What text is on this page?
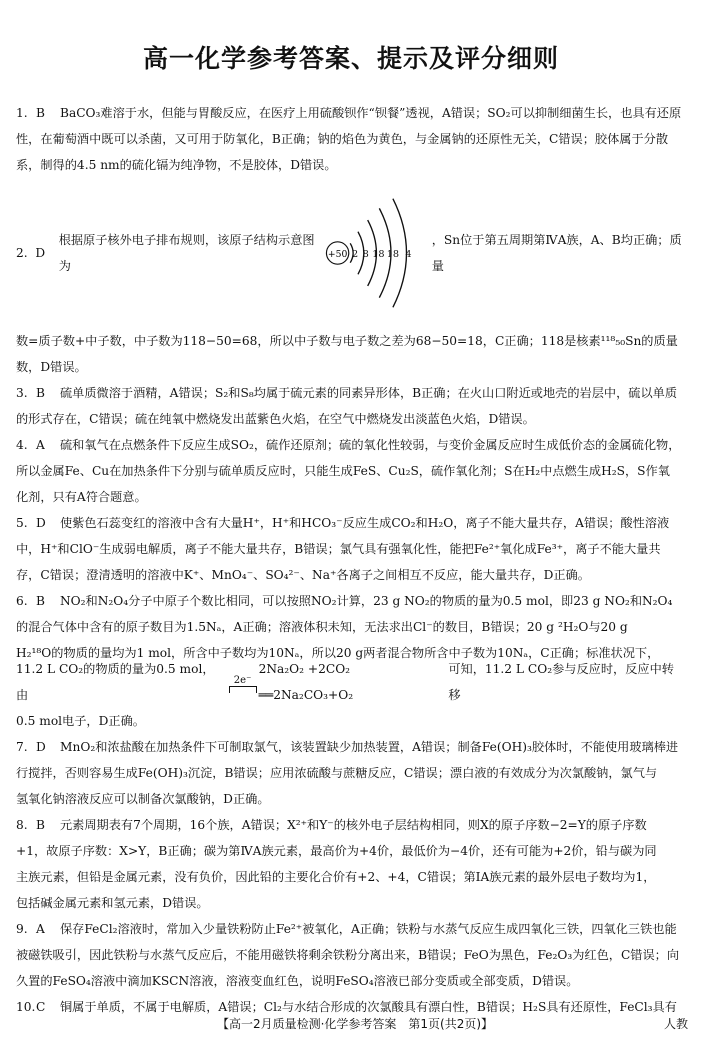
高一化学参考答案、提示及评分细则

1. B BaCO₃难溶于水，但能与胃酸反应，在医疗上用硫酸钡作“钡餐”透视，A错误；SO₂可以抑制细菌生长，也具有还原

性，在葡萄酒中既可以杀菌，又可用于防氧化，B正确；钠的焰色为黄色，与金属钠的还原性无关，C错误；胶体属于分散

系，制得的4.5 nm的硫化镉为纯净物，不是胶体，D错误。

2. D
根据原子核外电子排布规则，该原子结构示意图为
+50 2 8 18 18 4
，Sn位于第五周期第ⅣA族，A、B均正确；质量

数=质子数+中子数，中子数为118−50=68，所以中子数与电子数之差为68−50=18，C正确；118是核素¹¹⁸₅₀Sn的质量

数，D错误。

3. B 硫单质微溶于酒精，A错误；S₂和S₈均属于硫元素的同素异形体，B正确；在火山口附近或地壳的岩层中，硫以单质

的形式存在，C错误；硫在纯氧中燃烧发出蓝紫色火焰，在空气中燃烧发出淡蓝色火焰，D错误。

4. A 硫和氧气在点燃条件下反应生成SO₂，硫作还原剂；硫的氧化性较弱，与变价金属反应时生成低价态的金属硫化物，

所以金属Fe、Cu在加热条件下分别与硫单质反应时，只能生成FeS、Cu₂S，硫作氧化剂；S在H₂中点燃生成H₂S，S作氧

化剂，只有A符合题意。

5. D 使紫色石蕊变红的溶液中含有大量H⁺，H⁺和HCO₃⁻反应生成CO₂和H₂O，离子不能大量共存，A错误；酸性溶液

中，H⁺和ClO⁻生成弱电解质，离子不能大量共存，B错误；氯气具有强氧化性，能把Fe²⁺氧化成Fe³⁺，离子不能大量共

存，C错误；澄清透明的溶液中K⁺、MnO₄⁻、SO₄²⁻、Na⁺各离子之间相互不反应，能大量共存，D正确。

6. B NO₂和N₂O₄分子中原子个数比相同，可以按照NO₂计算，23 g NO₂的物质的量为0.5 mol，即23 g NO₂和N₂O₄

的混合气体中含有的原子数目为1.5Nₐ，A正确；溶液体积未知，无法求出Cl⁻的数目，B错误；20 g ²H₂O与20 g

H₂¹⁸O的物质的量均为1 mol，所含中子数均为10Nₐ，所以20 g两者混合物所含中子数为10Nₐ，C正确；标准状况下，

11.2 L CO₂的物质的量为0.5 mol，由
2e⁻
2Na₂O₂ +2CO₂ ══2Na₂CO₃+O₂
可知，11.2 L CO₂参与反应时，反应中转移

0.5 mol电子，D正确。

7. D MnO₂和浓盐酸在加热条件下可制取氯气，该装置缺少加热装置，A错误；制备Fe(OH)₃胶体时，不能使用玻璃棒进

行搅拌，否则容易生成Fe(OH)₃沉淀，B错误；应用浓硫酸与蔗糖反应，C错误；漂白液的有效成分为次氯酸钠，氯气与

氢氧化钠溶液反应可以制备次氯酸钠，D正确。

8. B 元素周期表有7个周期，16个族，A错误；X²⁺和Y⁻的核外电子层结构相同，则X的原子序数−2=Y的原子序数

+1，故原子序数：X>Y，B正确；碳为第ⅣA族元素，最高价为+4价，最低价为−4价，还有可能为+2价，铅与碳为同

主族元素，但铅是金属元素，没有负价，因此铅的主要化合价有+2、+4，C错误；第ⅠA族元素的最外层电子数均为1，

包括碱金属元素和氢元素，D错误。

9. A 保存FeCl₂溶液时，常加入少量铁粉防止Fe²⁺被氧化，A正确；铁粉与水蒸气反应生成四氧化三铁，四氧化三铁也能

被磁铁吸引，因此铁粉与水蒸气反应后，不能用磁铁将剩余铁粉分离出来，B错误；FeO为黑色，Fe₂O₃为红色，C错误；向

久置的FeSO₄溶液中滴加KSCN溶液，溶液变血红色，说明FeSO₄溶液已部分变质或全部变质，D错误。

10.C 铜属于单质，不属于电解质，A错误；Cl₂与水结合形成的次氯酸具有漂白性，B错误；H₂S具有还原性，FeCl₃具有

【高一2月质量检测·化学参考答案　第1页(共2页)】	人教
